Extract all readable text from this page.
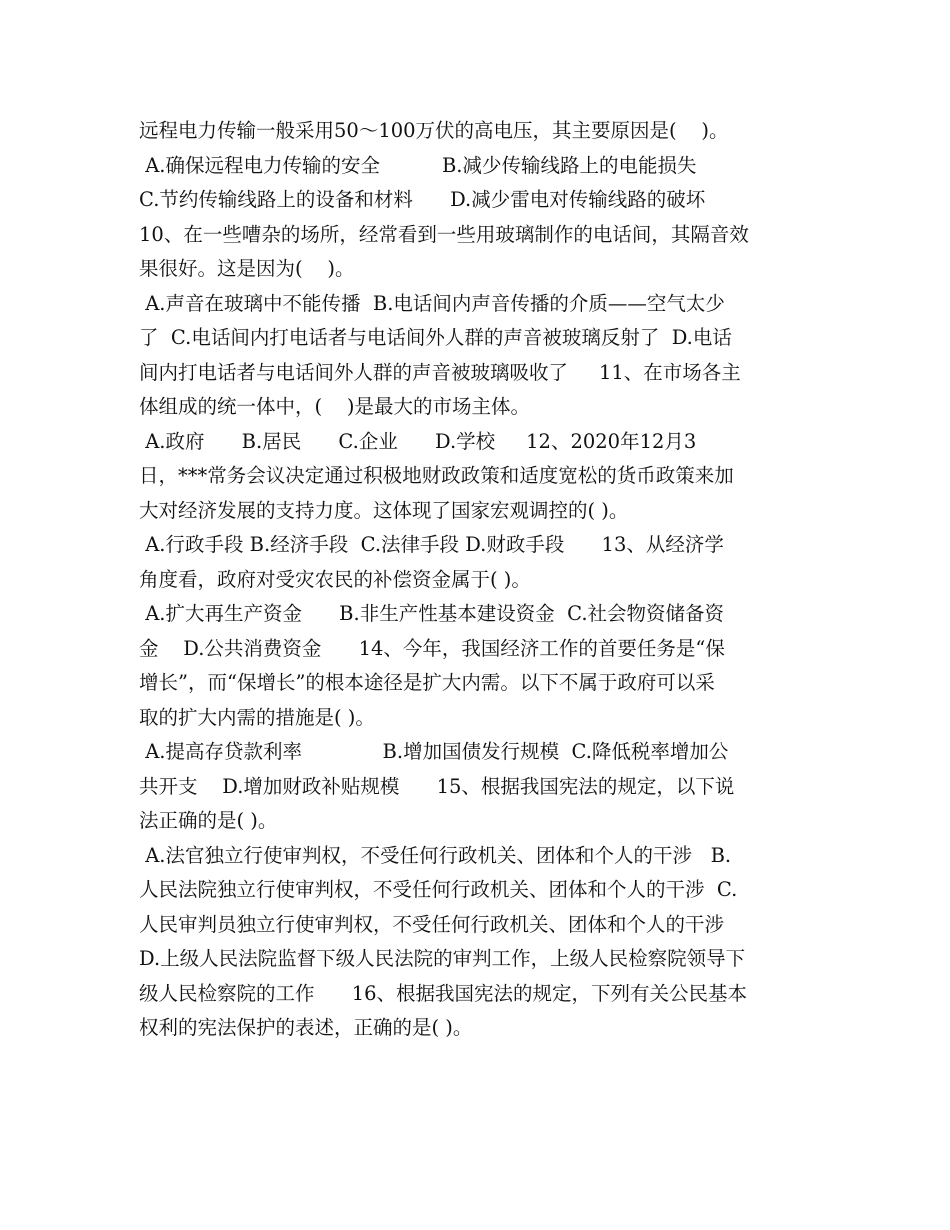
远程电力传输一般采用50～100万伏的高电压，其主要原因是(    )。
A.确保远程电力传输的安全          B.减少传输线路上的电能损失
C.节约传输线路上的设备和材料      D.减少雷电对传输线路的破坏
10、在一些嘈杂的场所，经常看到一些用玻璃制作的电话间，其隔音效
果很好。这是因为(    )。
A.声音在玻璃中不能传播  B.电话间内声音传播的介质——空气太少
了  C.电话间内打电话者与电话间外人群的声音被玻璃反射了  D.电话
间内打电话者与电话间外人群的声音被玻璃吸收了     11、在市场各主
体组成的统一体中，(    )是最大的市场主体。
A.政府      B.居民      C.企业      D.学校     12、2020年12月3
日，***常务会议决定通过积极地财政政策和适度宽松的货币政策来加
大对经济发展的支持力度。这体现了国家宏观调控的( )。
A.行政手段 B.经济手段  C.法律手段 D.财政手段      13、从经济学
角度看，政府对受灾农民的补偿资金属于( )。
A.扩大再生产资金      B.非生产性基本建设资金  C.社会物资储备资
金    D.公共消费资金      14、今年，我国经济工作的首要任务是“保
增长”，而“保增长”的根本途径是扩大内需。以下不属于政府可以采
取的扩大内需的措施是( )。
A.提高存贷款利率             B.增加国债发行规模  C.降低税率增加公
共开支    D.增加财政补贴规模      15、根据我国宪法的规定，以下说
法正确的是( )。
A.法官独立行使审判权，不受任何行政机关、团体和个人的干涉   B.
人民法院独立行使审判权，不受任何行政机关、团体和个人的干涉  C.
人民审判员独立行使审判权，不受任何行政机关、团体和个人的干涉
D.上级人民法院监督下级人民法院的审判工作，上级人民检察院领导下
级人民检察院的工作      16、根据我国宪法的规定，下列有关公民基本
权利的宪法保护的表述，正确的是( )。
